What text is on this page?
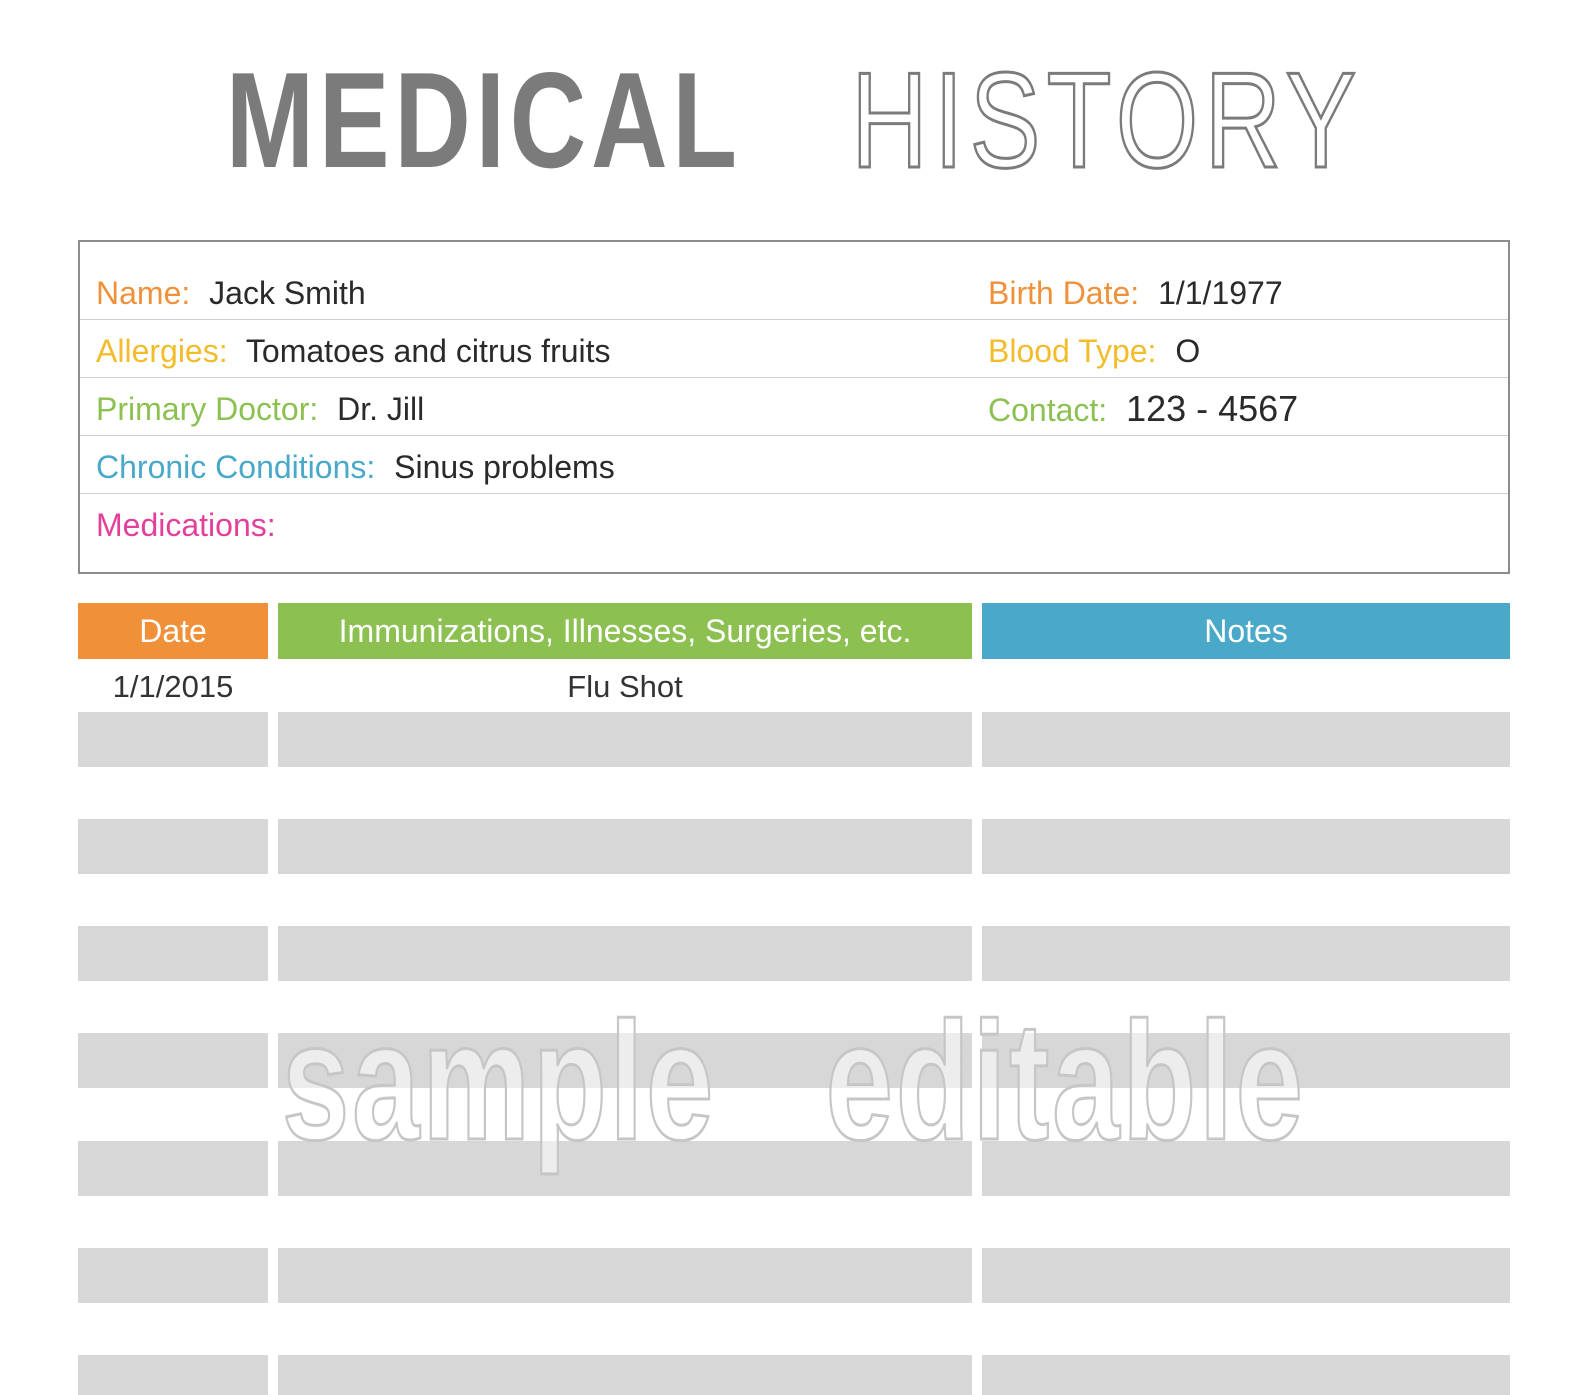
MEDICAL HISTORY
Name: Jack Smith	Birth Date: 1/1/1977
Allergies: Tomatoes and citrus fruits	Blood Type: O
Primary Doctor: Dr. Jill	Contact: 123 - 4567
Chronic Conditions: Sinus problems
Medications:
Date	Immunizations, Illnesses, Surgeries, etc.	Notes
1/1/2015	Flu Shot
sample   editable
